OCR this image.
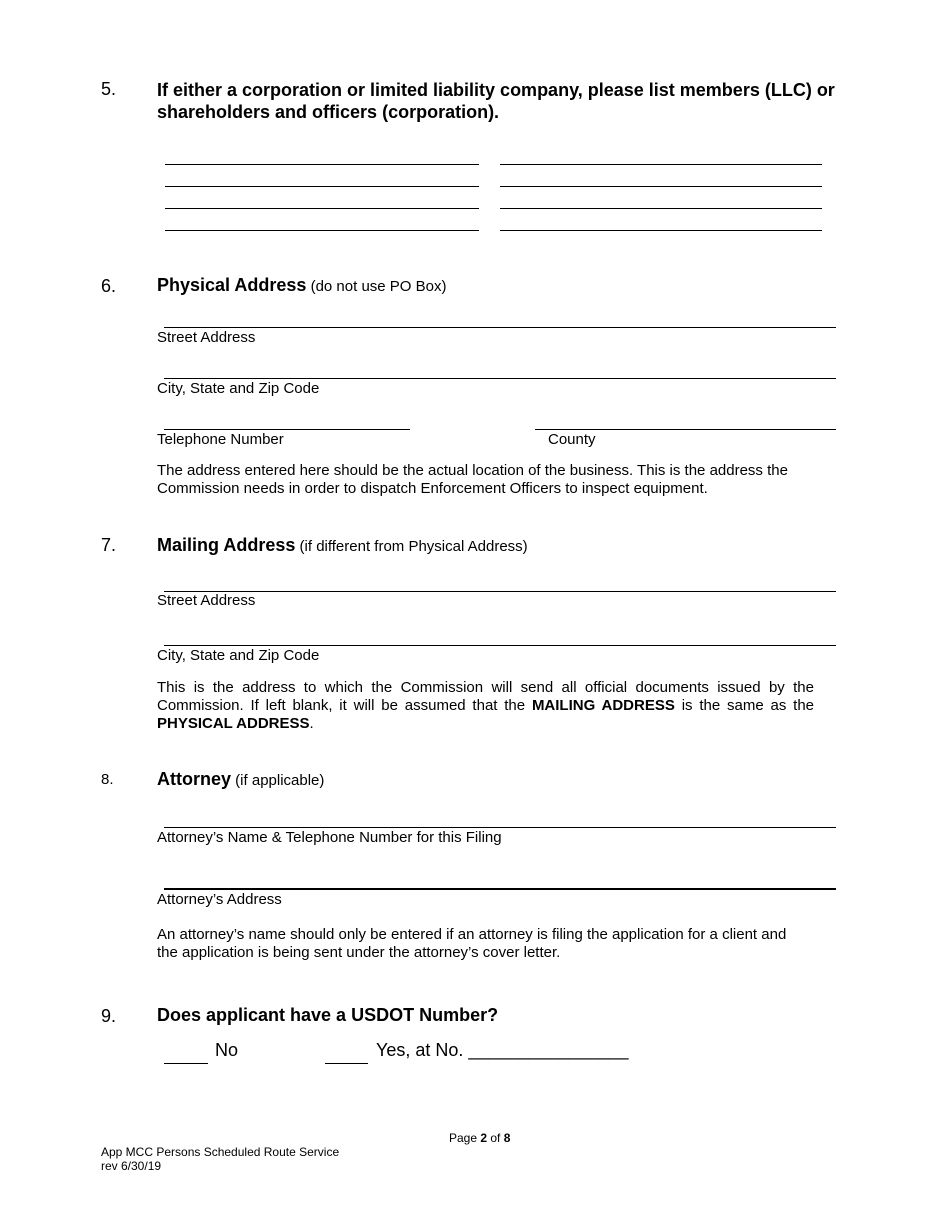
5. If either a corporation or limited liability company, please list members (LLC) or
shareholders and officers (corporation).
6. Physical Address (do not use PO Box)
Street Address
City, State and Zip Code
Telephone Number	County
The address entered here should be the actual location of the business. This is the address the
Commission needs in order to dispatch Enforcement Officers to inspect equipment.
7. Mailing Address (if different from Physical Address)
Street Address
City, State and Zip Code
This is the address to which the Commission will send all official documents issued by the Commission. If left blank, it will be assumed that the MAILING ADDRESS is the same as the PHYSICAL ADDRESS.
8. Attorney (if applicable)
Attorney’s Name & Telephone Number for this Filing
Attorney’s Address
An attorney’s name should only be entered if an attorney is filing the application for a client and
the application is being sent under the attorney’s cover letter.
9. Does applicant have a USDOT Number?
No	Yes, at No. ________________
Page 2 of 8
App MCC Persons Scheduled Route Service
rev 6/30/19
